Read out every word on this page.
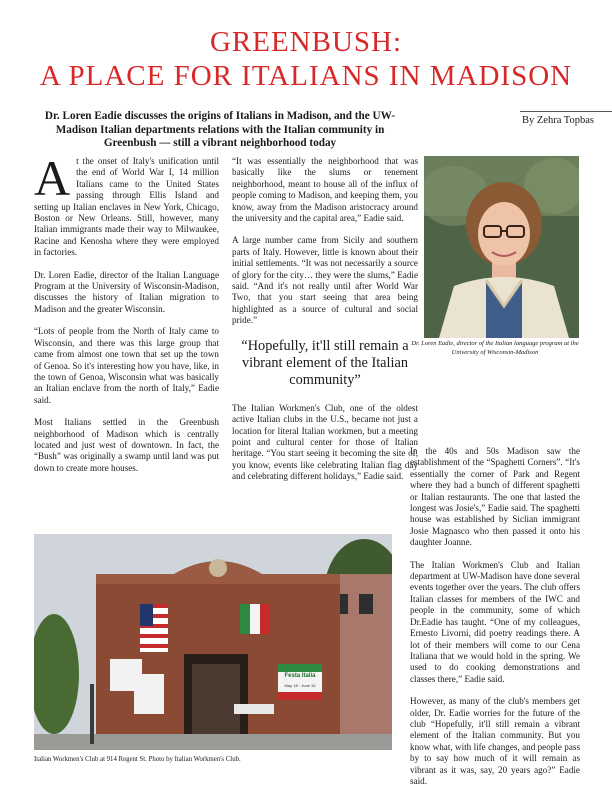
GREENBUSH:
A PLACE FOR ITALIANS IN MADISON
Dr. Loren Eadie discusses the origins of Italians in Madison, and the UW-Madison Italian departments relations with the Italian community in Greenbush — still a vibrant neighborhood today
By Zehra Topbas

At the onset of Italy's unification until the end of World War I, 14 million Italians came to the United States passing through Ellis Island and setting up Italian enclaves in New York, Chicago, Boston or New Orleans. Still, however, many Italian immigrants made their way to Milwaukee, Racine and Kenosha where they were employed in factories.

Dr. Loren Eadie, director of the Italian Language Program at the University of Wisconsin-Madison, discusses the history of Italian migration to Madison and the greater Wisconsin.

“Lots of people from the North of Italy came to Wisconsin, and there was this large group that came from almost one town that set up the town of Genoa. So it's interesting how you have, like, in the town of Genoa, Wisconsin what was basically an Italian enclave from the north of Italy,” Eadie said.

Most Italians settled in the Greenbush neighborhood of Madison which is centrally located and just west of downtown. In fact, the “Bush” was originally a swamp until land was put down to create more houses.

“It was essentially the neighborhood that was basically like the slums or tenement neighborhood, meant to house all of the influx of people coming to Madison, and keeping them, you know, away from the Madison aristocracy around the university and the capital area,” Eadie said.

A large number came from Sicily and southern parts of Italy. However, little is known about their initial settlements. “It was not necessarily a source of glory for the city… they were the slums,” Eadie said. “And it's not really until after World War Two, that you start seeing that area being highlighted as a source of cultural and social pride.”

“Hopefully, it'll still remain a vibrant element of the Italian community”

The Italian Workmen's Club, one of the oldest active Italian clubs in the U.S., became not just a location for literal Italian workmen, but a meeting point and cultural center for those of Italian heritage. “You start seeing it becoming the site of, you know, events like celebrating Italian flag day and celebrating different holidays,” Eadie said.

Dr. Loren Eadie, director of the Italian language program at the University of Wisconsin-Madison

In the 40s and 50s Madison saw the establishment of the “Spaghetti Corners”. “It's essentially the corner of Park and Regent where they had a bunch of different spaghetti or Italian restaurants. The one that lasted the longest was Josie's,” Eadie said. The spaghetti house was established by Siclian immigrant Josie Magnasco who then passed it onto his daughter Joanne.

The Italian Workmen's Club and Italian department at UW-Madison have done several events together over the years. The club offers Italian classes for members of the IWC and people in the community, some of which Dr.Eadie has taught. “One of my colleagues, Ernesto Livorni, did poetry readings there. A lot of their members will come to our Cena Italiana that we would hold in the spring. We used to do cooking demonstrations and classes there,” Eadie said.

However, as many of the club's members get older, Dr. Eadie worries for the future of the club “Hopefully, it'll still remain a vibrant element of the Italian community. But you know what, with life changes, and people pass by to say how much of it will remain as vibrant as it was, say, 20 years ago?” Eadie said.

Festa Italia
May 18 · June 15
Italian Workmen's Club at 914 Regent St. Photo by Italian Workmen's Club.
